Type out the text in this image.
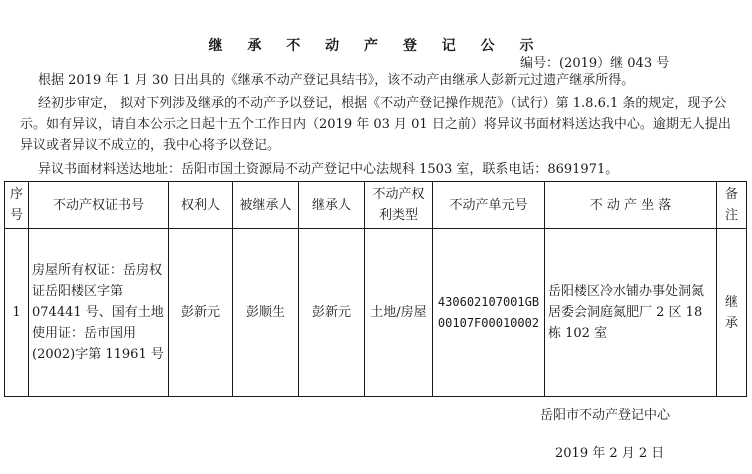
继 承 不 动 产 登 记 公 示
编号：(2019）继 043 号
根据 2019 年 1 月 30 日出具的《继承不动产登记具结书》，该不动产由继承人彭新元过遗产继承所得。
经初步审定， 拟对下列涉及继承的不动产予以登记，根据《不动产登记操作规范》（试行）第 1.8.6.1 条的规定，现予公示。如有异议，请自本公示之日起十五个工作日内（2019 年 03 月 01 日之前）将异议书面材料送达我中心。逾期无人提出异议或者异议不成立的，我中心将予以登记。
异议书面材料送达地址：岳阳市国土资源局不动产登记中心法规科 1503 室，联系电话：8691971。
序号	不动产权证书号	权利人	被继承人	继承人	不动产权利类型	不动产单元号	不 动 产 坐 落	备注
1	房屋所有权证：岳房权证岳阳楼区字第 074441 号、国有土地使用证：岳市国用(2002)字第 11961 号	彭新元	彭顺生	彭新元	土地/房屋	430602107001GB00107F00010002	岳阳楼区冷水铺办事处洞氮居委会洞庭氮肥厂 2 区 18 栋 102 室	继承
岳阳市不动产登记中心
2019 年 2 月 2 日
